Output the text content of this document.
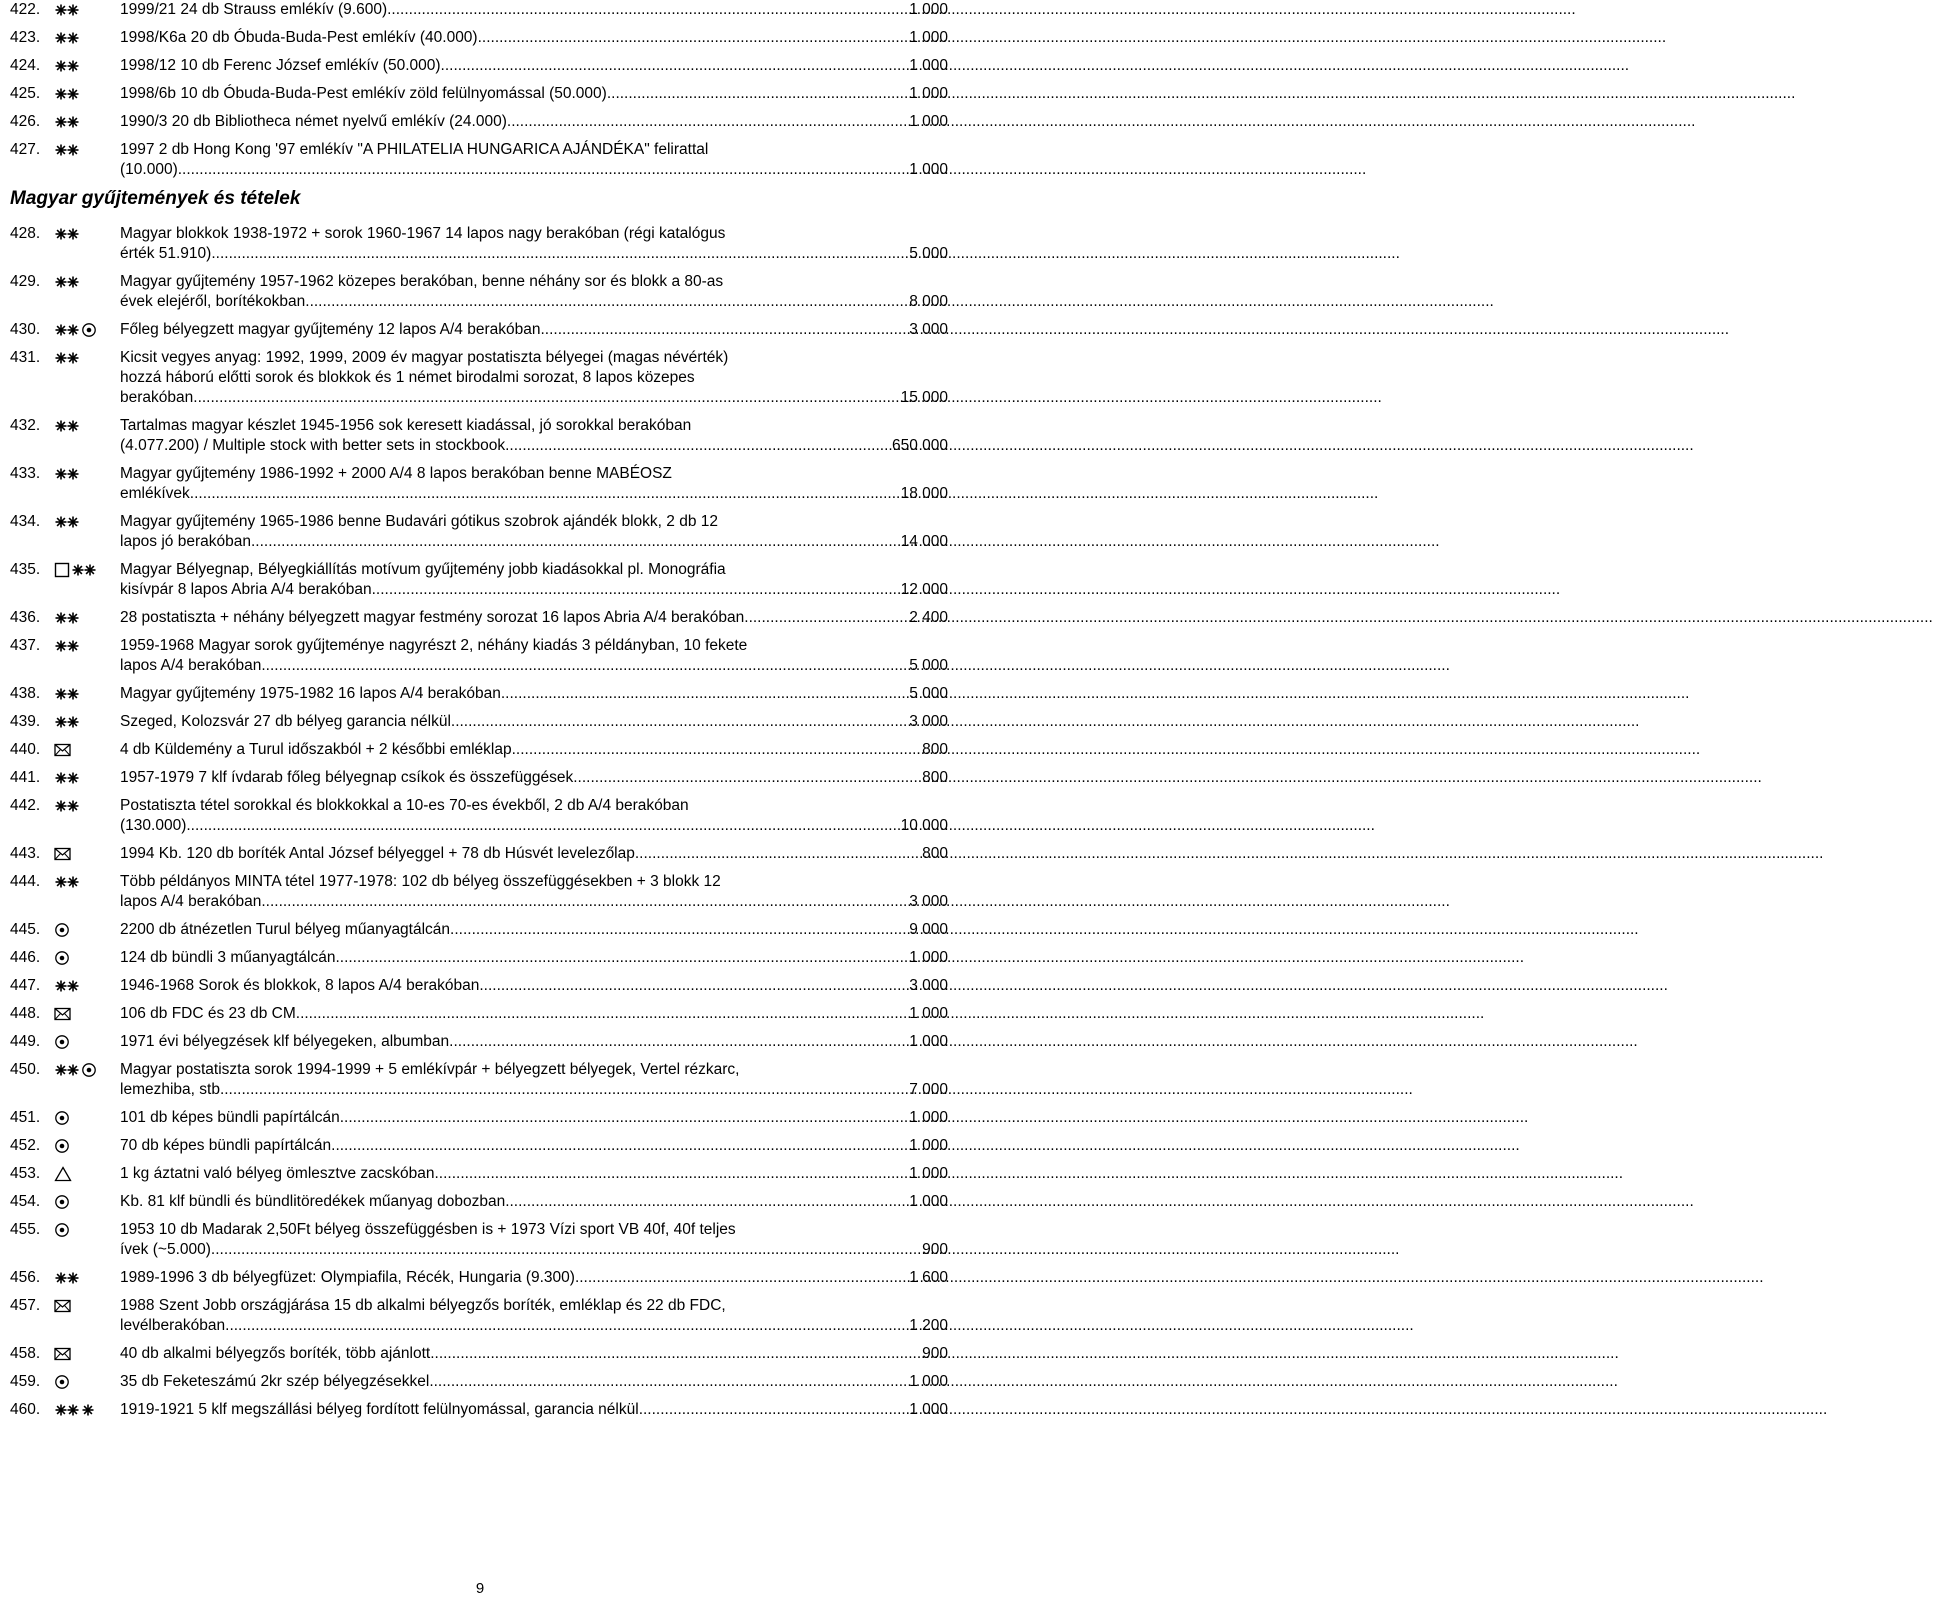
422.	1999/21 24 db Strauss emlékív (9.600) .....	1 000
423.	1998/K6a 20 db Óbuda-Buda-Pest emlékív (40.000) .....	1 000
424.	1998/12 10 db Ferenc József emlékív (50.000) .....	1 000
425.	1998/6b 10 db Óbuda-Buda-Pest emlékív zöld felülnyomással (50.000) .....	1 000
426.	1990/3 20 db Bibliotheca német nyelvű emlékív (24.000) .....	1 000
427.	1997 2 db Hong Kong '97 emlékív "A PHILATELIA HUNGARICA AJÁNDÉKA" felirattal
(10.000) .....	1 000
Magyar gyűjtemények és tételek
428.	Magyar blokkok 1938-1972 + sorok 1960-1967 14 lapos nagy berakóban (régi katalógus
érték 51.910) .....	5 000
429.	Magyar gyűjtemény 1957-1962 közepes berakóban, benne néhány sor és blokk a 80-as
évek elejéről, borítékokban .....	8 000
430.	Főleg bélyegzett magyar gyűjtemény 12 lapos A/4 berakóban .....	3 000
431.	Kicsit vegyes anyag: 1992, 1999, 2009 év magyar postatiszta bélyegei (magas névérték)
hozzá háború előtti sorok és blokkok és 1 német birodalmi sorozat, 8 lapos közepes
berakóban .....	15 000
432.	Tartalmas magyar készlet 1945-1956 sok keresett kiadással, jó sorokkal berakóban
(4.077.200) / Multiple stock with better sets in stockbook .....	650 000
433.	Magyar gyűjtemény 1986-1992 + 2000 A/4 8 lapos berakóban benne MABÉOSZ
emlékívek .....	18 000
434.	Magyar gyűjtemény 1965-1986 benne Budavári gótikus szobrok ajándék blokk, 2 db 12
lapos jó berakóban .....	14 000
435.	Magyar Bélyegnap, Bélyegkiállítás motívum gyűjtemény jobb kiadásokkal pl. Monográfia
kisívpár 8 lapos Abria A/4 berakóban .....	12 000
436.	28 postatiszta + néhány bélyegzett magyar festmény sorozat 16 lapos Abria A/4 berakóban .....	2 400
437.	1959-1968 Magyar sorok gyűjteménye nagyrészt 2, néhány kiadás 3 példányban, 10 fekete
lapos A/4 berakóban .....	5 000
438.	Magyar gyűjtemény 1975-1982 16 lapos A/4 berakóban .....	5 000
439.	Szeged, Kolozsvár 27 db bélyeg garancia nélkül .....	3 000
440.	4 db Küldemény a Turul időszakból + 2 későbbi emléklap .....	800
441.	1957-1979 7 klf ívdarab főleg bélyegnap csíkok és összefüggések .....	800
442.	Postatiszta tétel sorokkal és blokkokkal a 10-es 70-es évekből, 2 db A/4 berakóban
(130.000) .....	10 000
443.	1994 Kb. 120 db boríték Antal József bélyeggel + 78 db Húsvét levelezőlap .....	800
444.	Több példányos MINTA tétel 1977-1978: 102 db bélyeg összefüggésekben + 3 blokk 12
lapos A/4 berakóban .....	3 000
445.	2200 db átnézetlen Turul bélyeg műanyagtálcán .....	9 000
446.	124 db bündli 3 műanyagtálcán .....	1 000
447.	1946-1968 Sorok és blokkok, 8 lapos A/4 berakóban .....	3 000
448.	106 db FDC és 23 db CM .....	1 000
449.	1971 évi bélyegzések klf bélyegeken, albumban .....	1 000
450.	Magyar postatiszta sorok 1994-1999 + 5 emlékívpár + bélyegzett bélyegek, Vertel rézkarc,
lemezhiba, stb. .....	7 000
451.	101 db képes bündli papírtálcán .....	1 000
452.	70 db képes bündli papírtálcán .....	1 000
453.	1 kg áztatni való bélyeg ömlesztve zacskóban .....	1 000
454.	Kb. 81 klf bündli és bündlitöredékek műanyag dobozban .....	1 000
455.	1953 10 db Madarak 2,50Ft bélyeg összefüggésben is + 1973 Vízi sport VB 40f, 40f teljes
ívek (~5.000) .....	900
456.	1989-1996 3 db bélyegfüzet: Olympiafila, Récék, Hungaria (9.300) .....	1 600
457.	1988 Szent Jobb országjárása 15 db alkalmi bélyegzős boríték, emléklap és 22 db FDC,
levélberakóban .....	1 200
458.	40 db alkalmi bélyegzős boríték, több ajánlott .....	900
459.	35 db Feketeszámú 2kr szép bélyegzésekkel .....	1 000
460.	1919-1921 5 klf megszállási bélyeg fordított felülnyomással, garancia nélkül .....	1 000
9
